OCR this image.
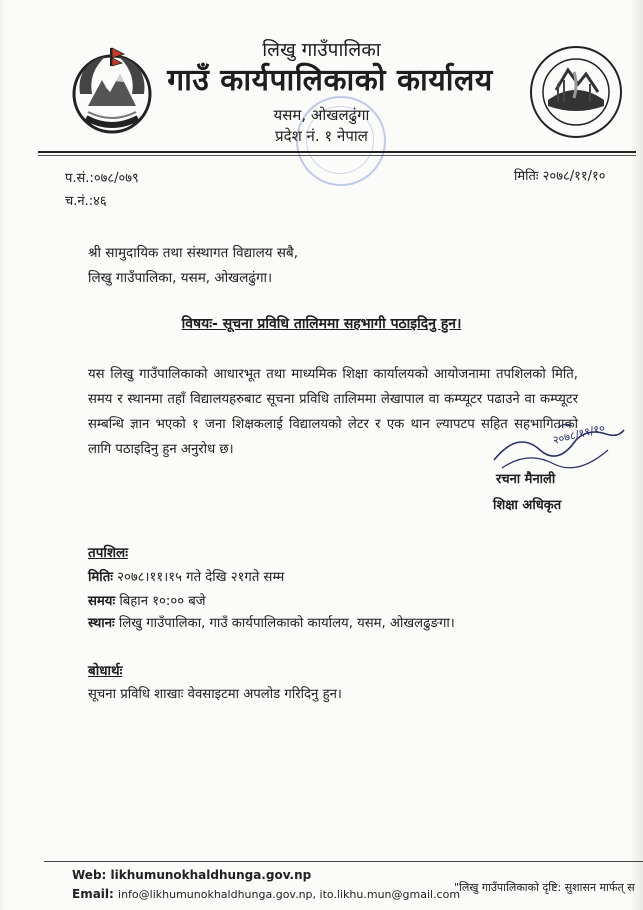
लिखु गाउँपालिका
गाउँ कार्यपालिकाको कार्यालय
यसम, ओखलढुंगा
प्रदेश नं. १ नेपाल
प.सं.:०७८/०७९
च.नं.:४६
मितिः २०७८/११/१०
श्री सामुदायिक तथा संस्थागत विद्यालय सबै,
लिखु गाउँपालिका, यसम, ओखलढुंगा।
विषयः- सूचना प्रविधि तालिममा सहभागी पठाइदिनु हुन।
यस लिखु गाउँपालिकाको आधारभूत तथा माध्यमिक शिक्षा कार्यालयको आयोजनामा तपशिलको मिति, समय र स्थानमा तहाँ विद्यालयहरुबाट सूचना प्रविधि तालिममा लेखापाल वा कम्प्यूटर पढाउने वा कम्प्यूटर सम्बन्धि ज्ञान भएको १ जना शिक्षकलाई विद्यालयको लेटर र एक थान ल्यापटप सहित सहभागिताको लागि पठाइदिनु हुन अनुरोध छ।
२०७८/११/१०
रचना मैनाली
शिक्षा अधिकृत
तपशिलः
मितिः २०७८।११।१५ गते देखि २१गते सम्म
समयः बिहान १०:०० बजे
स्थानः लिखु गाउँपालिका, गाउँ कार्यपालिकाको कार्यालय, यसम, ओखलढुङगा।
बोधार्थः
सूचना प्रविधि शाखाः वेवसाइटमा अपलोड गरिदिनु हुन।
Web: likhumunokhaldhunga.gov.np
Email: info@likhumunokhaldhunga.gov.np, ito.likhu.mun@gmail.com
"लिखु गाउँपालिकाको दृष्टि: सुशासन मार्फत् स
